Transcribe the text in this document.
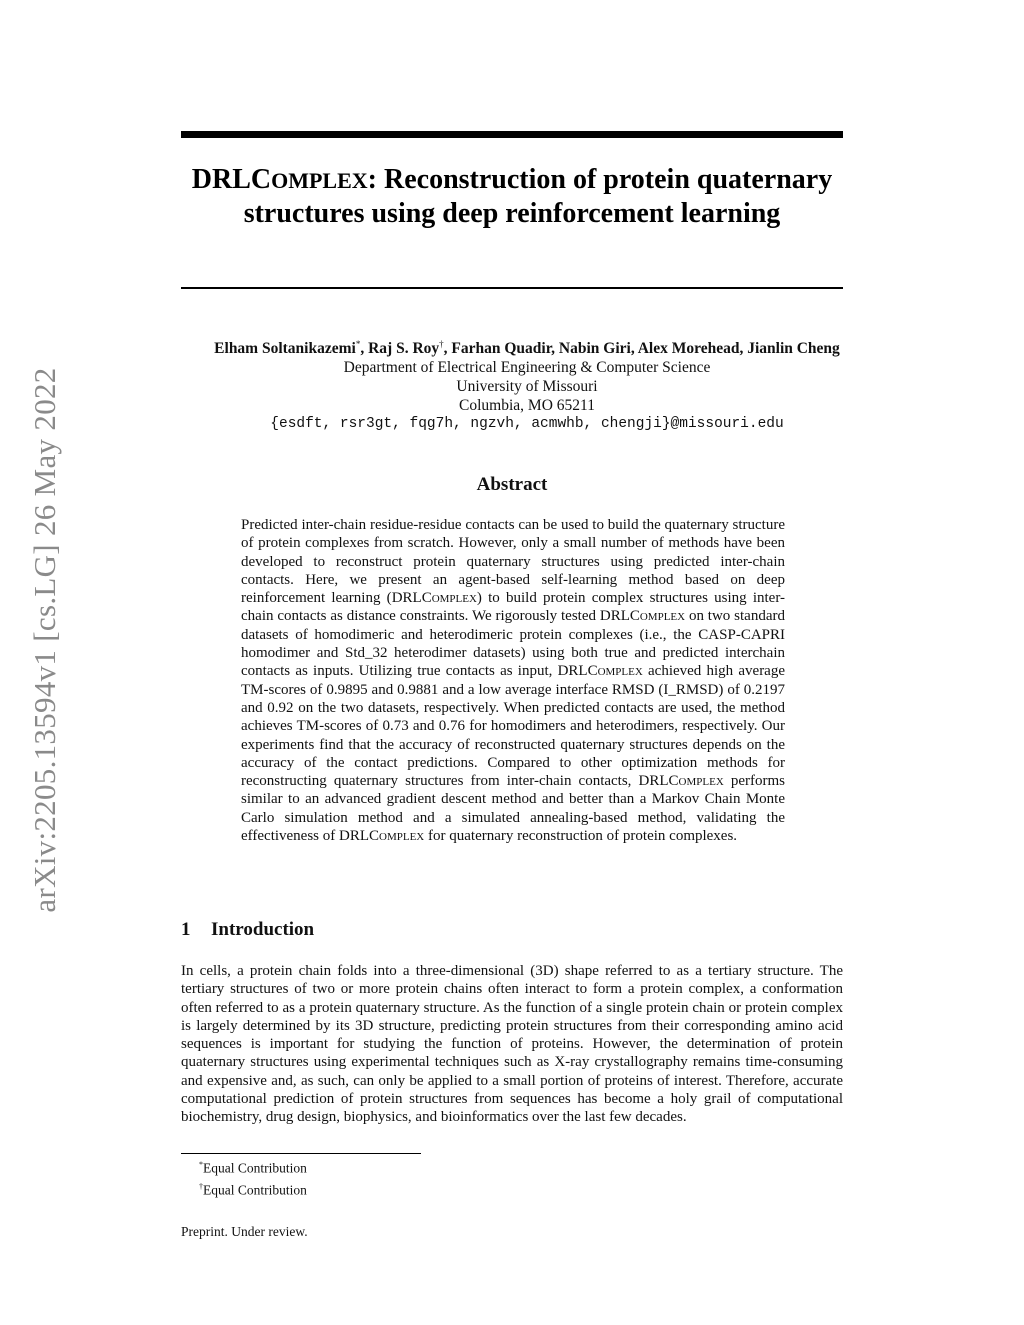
arXiv:2205.13594v1 [cs.LG] 26 May 2022
DRLCOMPLEX: Reconstruction of protein quaternary structures using deep reinforcement learning
Elham Soltanikazemi*, Raj S. Roy†, Farhan Quadir, Nabin Giri, Alex Morehead, Jianlin Cheng
Department of Electrical Engineering & Computer Science
University of Missouri
Columbia, MO 65211
{esdft, rsr3gt, fqg7h, ngzvh, acmwhb, chengji}@missouri.edu
Abstract
Predicted inter-chain residue-residue contacts can be used to build the quaternary structure of protein complexes from scratch. However, only a small number of methods have been developed to reconstruct protein quaternary structures using predicted inter-chain contacts. Here, we present an agent-based self-learning method based on deep reinforcement learning (DRLComplex) to build protein complex structures using inter-chain contacts as distance constraints. We rigorously tested DRLComplex on two standard datasets of homodimeric and heterodimeric protein complexes (i.e., the CASP-CAPRI homodimer and Std_32 heterodimer datasets) using both true and predicted interchain contacts as inputs. Utilizing true contacts as input, DRLComplex achieved high average TM-scores of 0.9895 and 0.9881 and a low average interface RMSD (I_RMSD) of 0.2197 and 0.92 on the two datasets, respectively. When predicted contacts are used, the method achieves TM-scores of 0.73 and 0.76 for homodimers and heterodimers, respectively. Our experiments find that the accuracy of reconstructed quaternary structures depends on the accuracy of the contact predictions. Compared to other optimization methods for reconstructing quaternary structures from inter-chain contacts, DRLComplex performs similar to an advanced gradient descent method and better than a Markov Chain Monte Carlo simulation method and a simulated annealing-based method, validating the effectiveness of DRLComplex for quaternary reconstruction of protein complexes.
1 Introduction
In cells, a protein chain folds into a three-dimensional (3D) shape referred to as a tertiary structure. The tertiary structures of two or more protein chains often interact to form a protein complex, a conformation often referred to as a protein quaternary structure. As the function of a single protein chain or protein complex is largely determined by its 3D structure, predicting protein structures from their corresponding amino acid sequences is important for studying the function of proteins. However, the determination of protein quaternary structures using experimental techniques such as X-ray crystallography remains time-consuming and expensive and, as such, can only be applied to a small portion of proteins of interest. Therefore, accurate computational prediction of protein structures from sequences has become a holy grail of computational biochemistry, drug design, biophysics, and bioinformatics over the last few decades.
*Equal Contribution
†Equal Contribution
Preprint. Under review.
